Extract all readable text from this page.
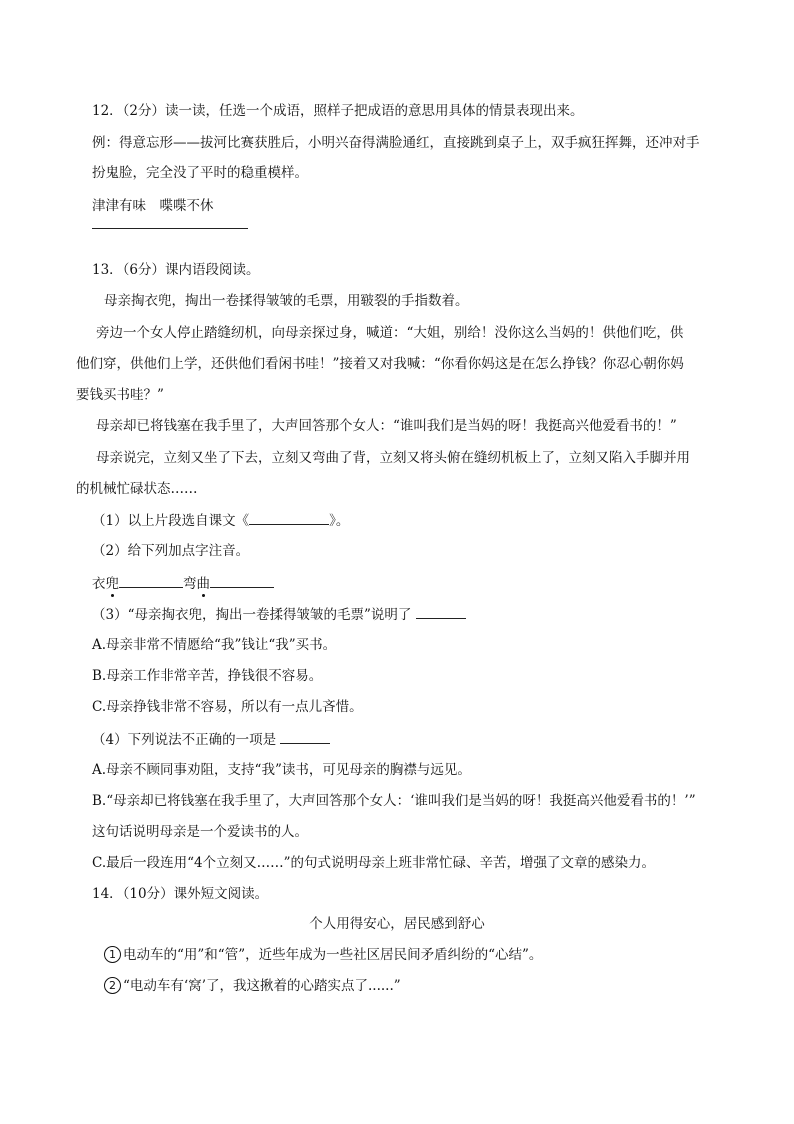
12．（2分）读一读，任选一个成语，照样子把成语的意思用具体的情景表现出来。
例：得意忘形——拔河比赛获胜后，小明兴奋得满脸通红，直接跳到桌子上，双手疯狂挥舞，还冲对手
扮鬼脸，完全没了平时的稳重模样。
津津有味　喋喋不休
13．（6分）课内语段阅读。
母亲掏衣兜，掏出一卷揉得皱皱的毛票，用皲裂的手指数着。
旁边一个女人停止踏缝纫机，向母亲探过身，喊道：“大姐，别给！没你这么当妈的！供他们吃，供
他们穿，供他们上学，还供他们看闲书哇！”接着又对我喊：“你看你妈这是在怎么挣钱？你忍心朝你妈
要钱买书哇？”
母亲却已将钱塞在我手里了，大声回答那个女人：“谁叫我们是当妈的呀！我挺高兴他爱看书的！”
母亲说完，立刻又坐了下去，立刻又弯曲了背，立刻又将头俯在缝纫机板上了，立刻又陷入手脚并用
的机械忙碌状态……
（1）以上片段选自课文《	》。
（2）给下列加点字注音。
衣兜	弯曲
（3）“母亲掏衣兜，掏出一卷揉得皱皱的毛票”说明了
A.母亲非常不情愿给“我”钱让“我”买书。
B.母亲工作非常辛苦，挣钱很不容易。
C.母亲挣钱非常不容易，所以有一点儿吝惜。
（4）下列说法不正确的一项是
A.母亲不顾同事劝阻，支持“我”读书，可见母亲的胸襟与远见。
B.“母亲却已将钱塞在我手里了，大声回答那个女人：‘谁叫我们是当妈的呀！我挺高兴他爱看书的！’”
这句话说明母亲是一个爱读书的人。
C.最后一段连用“4个立刻又……”的句式说明母亲上班非常忙碌、辛苦，增强了文章的感染力。
14．（10分）课外短文阅读。
个人用得安心，居民感到舒心
1 电动车的“用”和“管”，近些年成为一些社区居民间矛盾纠纷的“心结”。
2 “电动车有‘窝’了，我这揪着的心踏实点了......”
